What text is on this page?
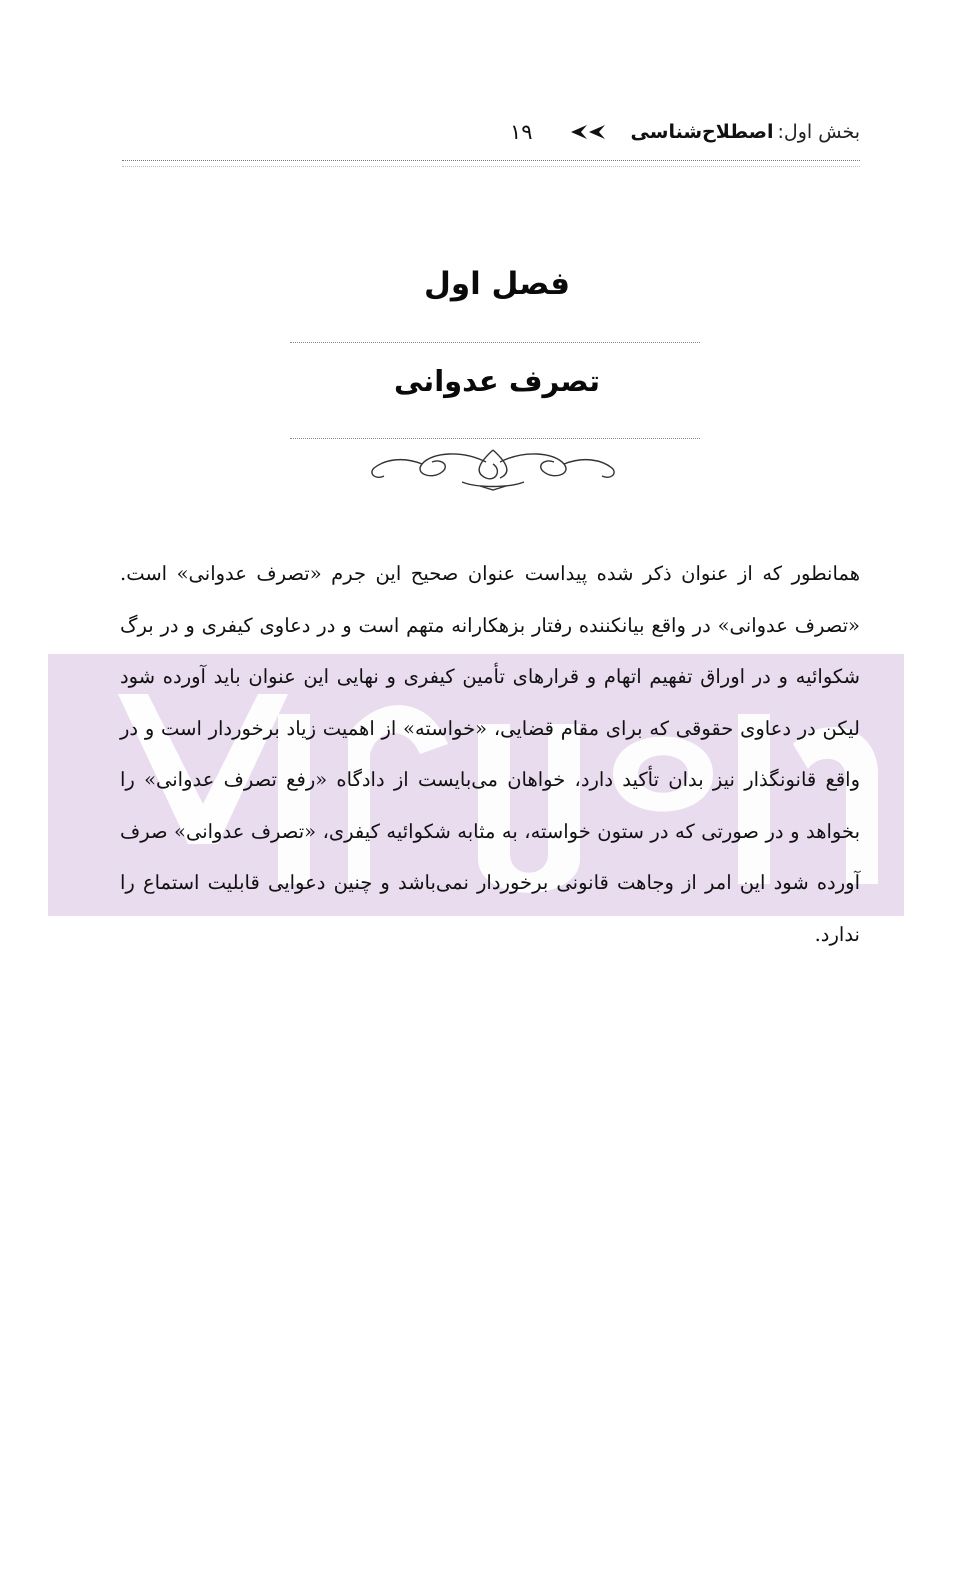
بخش اول:
اصطلاح‌شناسی
۱۹
فصل اول
تصرف عدوانی
همانطور که از عنوان ذکر شده پیداست عنوان صحیح این جرم «تصرف عدوانی» است. «تصرف عدوانی» در واقع بیانکننده رفتار بزهکارانه متهم است و در دعاوی کیفری و در برگ شکوائیه و در اوراق تفهیم اتهام و قرارهای تأمین کیفری و نهایی این عنوان باید آورده شود لیکن در دعاوی حقوقی که برای مقام قضایی، «خواسته» از اهمیت زیاد برخوردار است و در واقع قانونگذار نیز بدان تأکید دارد، خواهان می‌بایست از دادگاه «رفع تصرف عدوانی» را بخواهد و در صورتی که در ستون خواسته، به مثابه شکوائیه کیفری، «تصرف عدوانی» صرف آورده شود این امر از وجاهت قانونی برخوردار نمی‌باشد و چنین دعوایی قابلیت استماع را ندارد.
